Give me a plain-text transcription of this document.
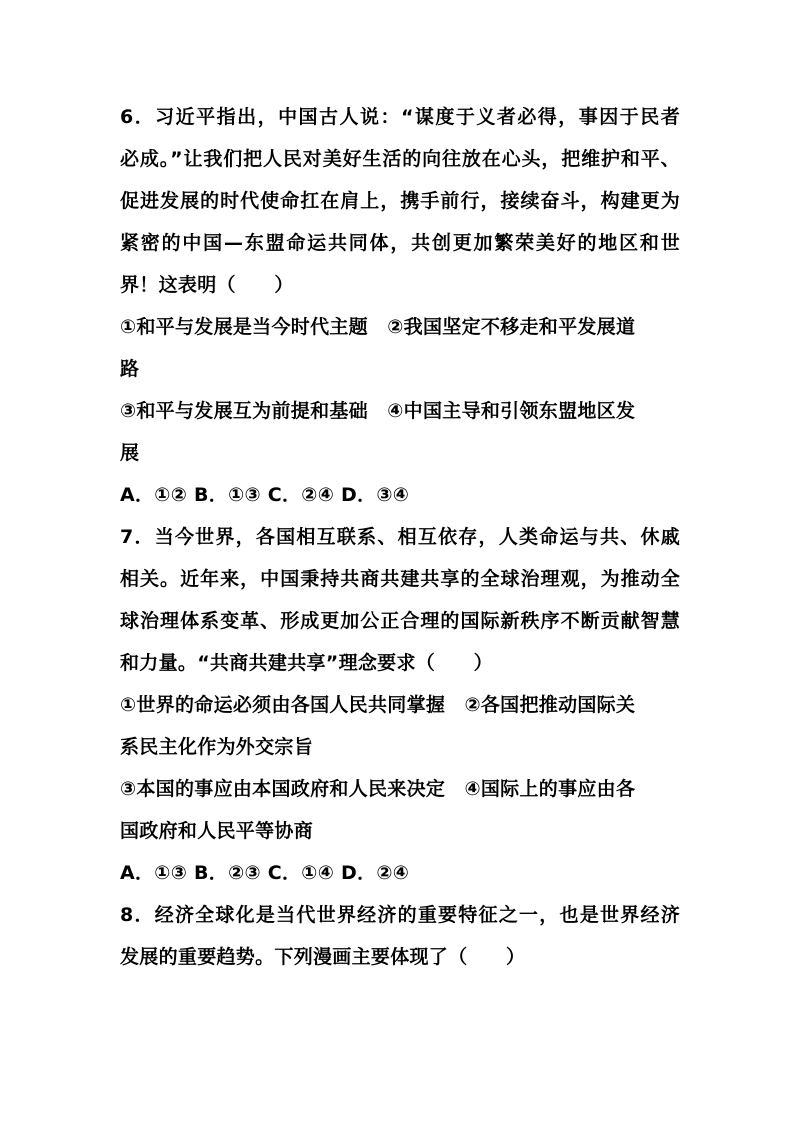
6．习近平指出，中国古人说：“谋度于义者必得，事因于民者
必成。”让我们把人民对美好生活的向往放在心头，把维护和平、
促进发展的时代使命扛在肩上，携手前行，接续奋斗，构建更为
紧密的中国—东盟命运共同体，共创更加繁荣美好的地区和世
界！这表明（　　）
①和平与发展是当今时代主题　②我国坚定不移走和平发展道
路
③和平与发展互为前提和基础　④中国主导和引领东盟地区发
展
A．①② B．①③ C．②④ D．③④
7．当今世界，各国相互联系、相互依存，人类命运与共、休戚
相关。近年来，中国秉持共商共建共享的全球治理观，为推动全
球治理体系变革、形成更加公正合理的国际新秩序不断贡献智慧
和力量。“共商共建共享”理念要求（　　）
①世界的命运必须由各国人民共同掌握　②各国把推动国际关
系民主化作为外交宗旨
③本国的事应由本国政府和人民来决定　④国际上的事应由各
国政府和人民平等协商
A．①③ B．②③ C．①④ D．②④
8．经济全球化是当代世界经济的重要特征之一，也是世界经济
发展的重要趋势。下列漫画主要体现了（　　）
